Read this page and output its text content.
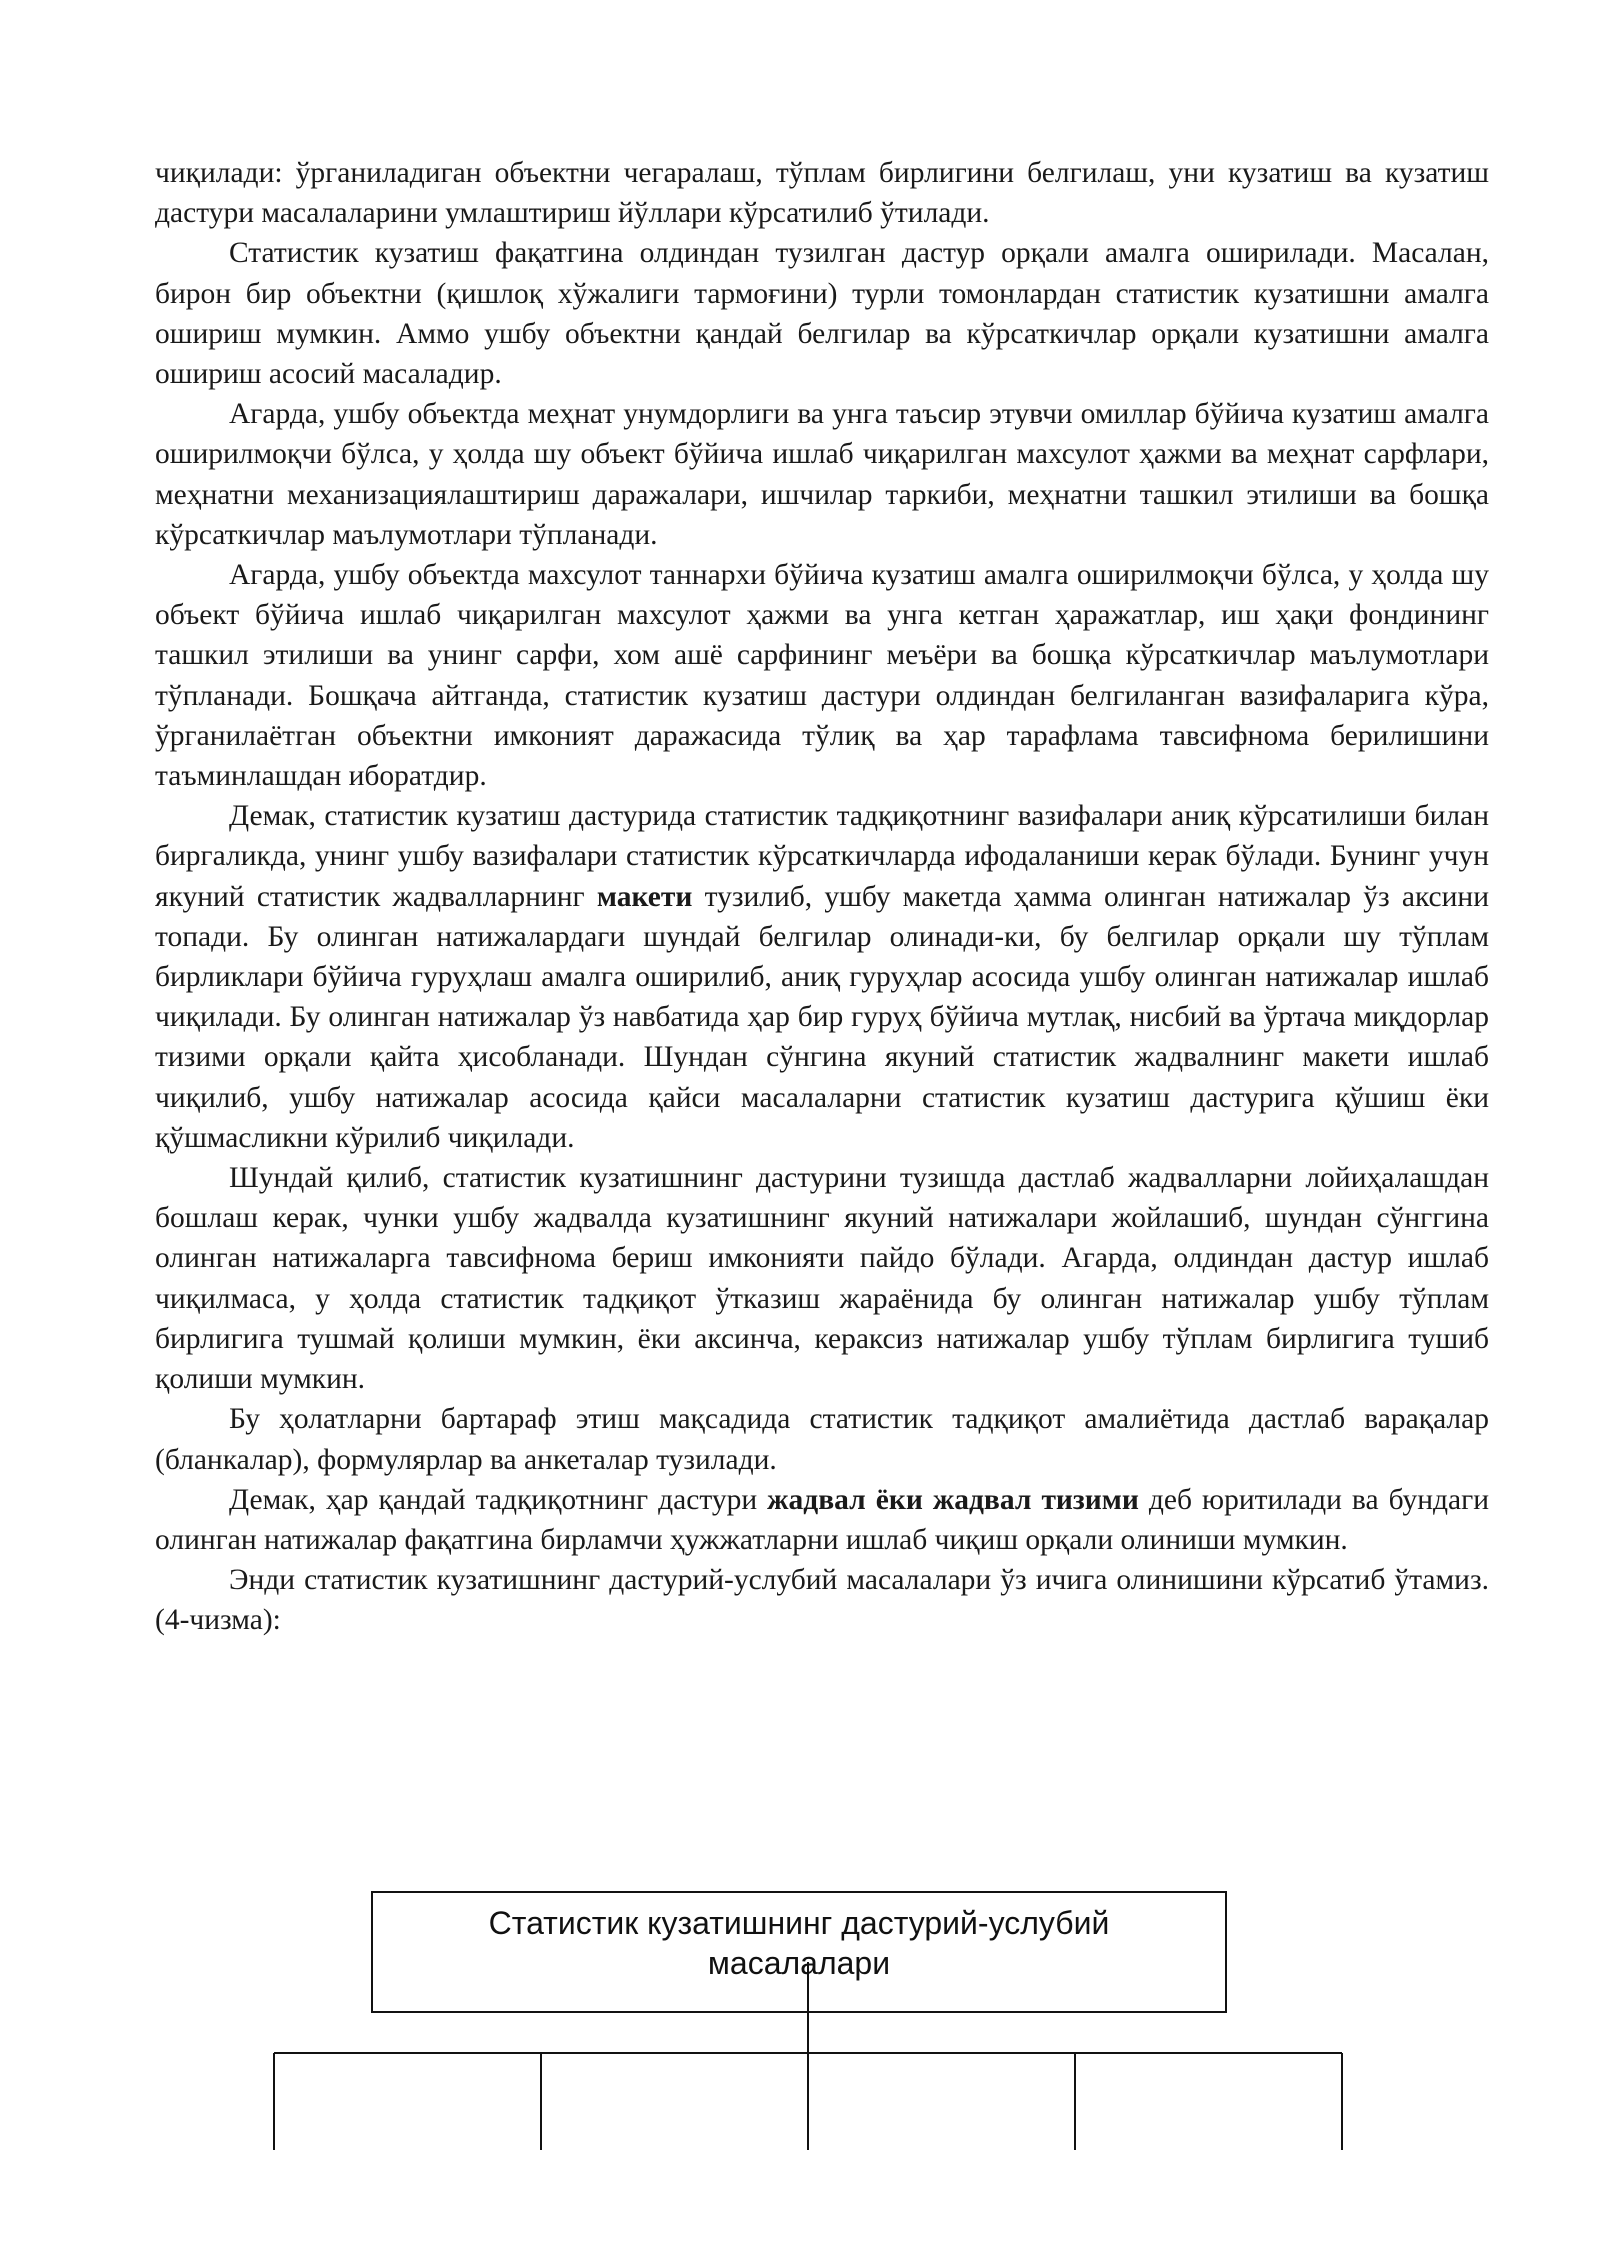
чиқилади: ўрганиладиган объектни чегаралаш, тўплам бирлигини белгилаш, уни кузатиш ва кузатиш дастури масалаларини умлаштириш йўллари кўрсатилиб ўтилади.

Статистик кузатиш фақатгина олдиндан тузилган дастур орқали амалга оширилади. Масалан, бирон бир объектни (қишлоқ хўжалиги тармоғини) турли томонлардан статистик кузатишни амалга ошириш мумкин. Аммо ушбу объектни қандай белгилар ва кўрсаткичлар орқали кузатишни амалга ошириш асосий масаладир.

Агарда, ушбу объектда меҳнат унумдорлиги ва унга таъсир этувчи омиллар бўйича кузатиш амалга оширилмоқчи бўлса, у ҳолда шу объект бўйича ишлаб чиқарилган махсулот ҳажми ва меҳнат сарфлари, меҳнатни механизациялаштириш даражалари, ишчилар таркиби, меҳнатни ташкил этилиши ва бошқа кўрсаткичлар маълумотлари тўпланади.

Агарда, ушбу объектда махсулот таннархи бўйича кузатиш амалга оширилмоқчи бўлса, у ҳолда шу объект бўйича ишлаб чиқарилган махсулот ҳажми ва унга кетган ҳаражатлар, иш ҳақи фондининг ташкил этилиши ва унинг сарфи, хом ашё сарфининг меъёри ва бошқа кўрсаткичлар маълумотлари тўпланади. Бошқача айтганда, статистик кузатиш дастури олдиндан белгиланган вазифаларига кўра, ўрганилаётган объектни имконият даражасида тўлиқ ва ҳар тарафлама тавсифнома берилишини таъминлашдан иборатдир.

Демак, статистик кузатиш дастурида статистик тадқиқотнинг вазифалари аниқ кўрсатилиши билан биргаликда, унинг ушбу вазифалари статистик кўрсаткичларда ифодаланиши керак бўлади. Бунинг учун якуний статистик жадвалларнинг макети тузилиб, ушбу макетда ҳамма олинган натижалар ўз аксини топади. Бу олинган натижалардаги шундай белгилар олинади-ки, бу белгилар орқали шу тўплам бирликлари бўйича гуруҳлаш амалга оширилиб, аниқ гуруҳлар асосида ушбу олинган натижалар ишлаб чиқилади. Бу олинган натижалар ўз навбатида ҳар бир гуруҳ бўйича мутлақ, нисбий ва ўртача миқдорлар тизими орқали қайта ҳисобланади. Шундан сўнгина якуний статистик жадвалнинг макети ишлаб чиқилиб, ушбу натижалар асосида қайси масалаларни статистик кузатиш дастурига қўшиш ёки қўшмасликни кўрилиб чиқилади.

Шундай қилиб, статистик кузатишнинг дастурини тузишда дастлаб жадвалларни лойиҳалашдан бошлаш керак, чунки ушбу жадвалда кузатишнинг якуний натижалари жойлашиб, шундан сўнггина олинган натижаларга тавсифнома бериш имконияти пайдо бўлади. Агарда, олдиндан дастур ишлаб чиқилмаса, у ҳолда статистик тадқиқот ўтказиш жараёнида бу олинган натижалар ушбу тўплам бирлигига тушмай қолиши мумкин, ёки аксинча, кераксиз натижалар ушбу тўплам бирлигига тушиб қолиши мумкин.

Бу ҳолатларни бартараф этиш мақсадида статистик тадқиқот амалиётида дастлаб варақалар (бланкалар), формулярлар ва анкеталар тузилади.

Демак, ҳар қандай тадқиқотнинг дастури жадвал ёки жадвал тизими деб юритилади ва бундаги олинган натижалар фақатгина бирламчи ҳужжатларни ишлаб чиқиш орқали олиниши мумкин.

Энди статистик кузатишнинг дастурий-услубий масалалари ўз ичига олинишини кўрсатиб ўтамиз. (4-чизма):

Статистик кузатишнинг дастурий-услубий
масалалари
